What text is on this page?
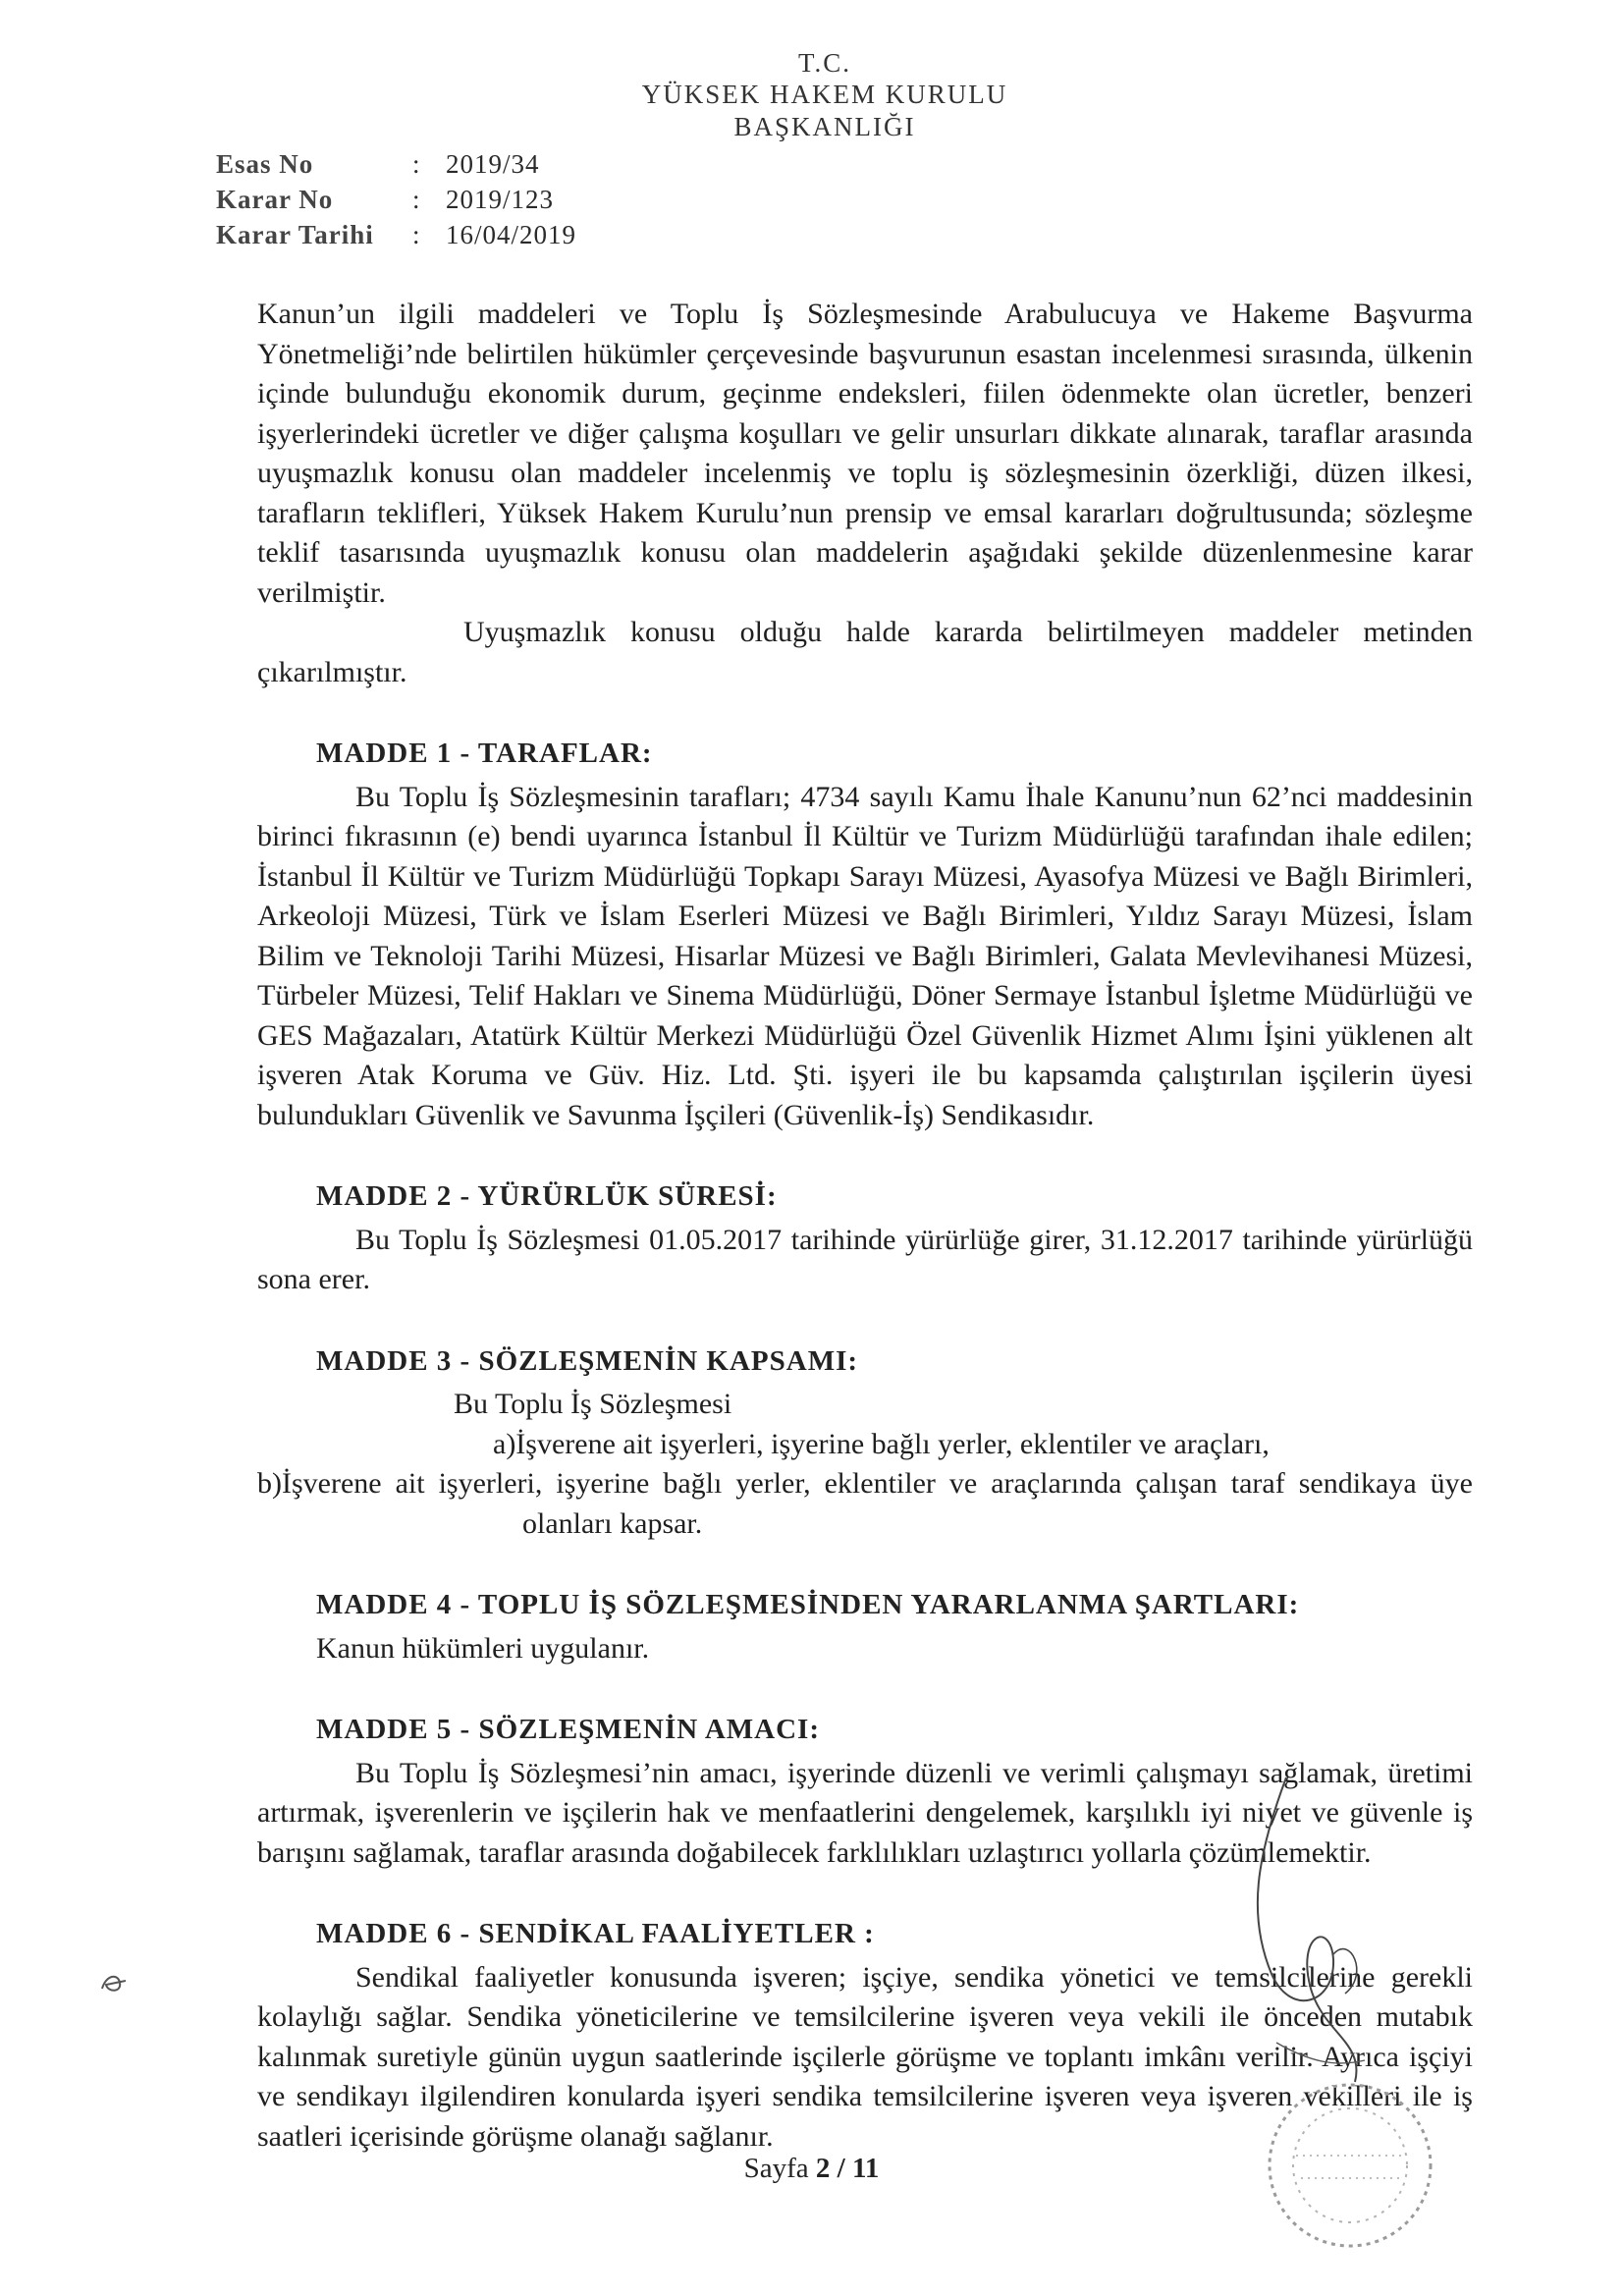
T.C.
YÜKSEK HAKEM KURULU
BAŞKANLIĞI
Esas No	: 2019/34
Karar No	: 2019/123
Karar Tarihi	: 16/04/2019

Kanun’un ilgili maddeleri ve Toplu İş Sözleşmesinde Arabulucuya ve Hakeme Başvurma Yönetmeliği’nde belirtilen hükümler çerçevesinde başvurunun esastan incelenmesi sırasında, ülkenin içinde bulunduğu ekonomik durum, geçinme endeksleri, fiilen ödenmekte olan ücretler, benzeri işyerlerindeki ücretler ve diğer çalışma koşulları ve gelir unsurları dikkate alınarak, taraflar arasında uyuşmazlık konusu olan maddeler incelenmiş ve toplu iş sözleşmesinin özerkliği, düzen ilkesi, tarafların teklifleri, Yüksek Hakem Kurulu’nun prensip ve emsal kararları doğrultusunda; sözleşme teklif tasarısında uyuşmazlık konusu olan maddelerin aşağıdaki şekilde düzenlenmesine karar verilmiştir.

Uyuşmazlık konusu olduğu halde kararda belirtilmeyen maddeler metinden çıkarılmıştır.

MADDE 1 - TARAFLAR:

Bu Toplu İş Sözleşmesinin tarafları; 4734 sayılı Kamu İhale Kanunu’nun 62’nci maddesinin birinci fıkrasının (e) bendi uyarınca İstanbul İl Kültür ve Turizm Müdürlüğü tarafından ihale edilen; İstanbul İl Kültür ve Turizm Müdürlüğü Topkapı Sarayı Müzesi, Ayasofya Müzesi ve Bağlı Birimleri, Arkeoloji Müzesi, Türk ve İslam Eserleri Müzesi ve Bağlı Birimleri, Yıldız Sarayı Müzesi, İslam Bilim ve Teknoloji Tarihi Müzesi, Hisarlar Müzesi ve Bağlı Birimleri, Galata Mevlevihanesi Müzesi, Türbeler Müzesi, Telif Hakları ve Sinema Müdürlüğü, Döner Sermaye İstanbul İşletme Müdürlüğü ve GES Mağazaları, Atatürk Kültür Merkezi Müdürlüğü Özel Güvenlik Hizmet Alımı İşini yüklenen alt işveren Atak Koruma ve Güv. Hiz. Ltd. Şti. işyeri ile bu kapsamda çalıştırılan işçilerin üyesi bulundukları Güvenlik ve Savunma İşçileri (Güvenlik-İş) Sendikasıdır.

MADDE 2 - YÜRÜRLÜK SÜRESİ:

Bu Toplu İş Sözleşmesi 01.05.2017 tarihinde yürürlüğe girer, 31.12.2017 tarihinde yürürlüğü sona erer.

MADDE 3 - SÖZLEŞMENİN KAPSAMI:

Bu Toplu İş Sözleşmesi

a)İşverene ait işyerleri, işyerine bağlı yerler, eklentiler ve araçları,

b)İşverene ait işyerleri, işyerine bağlı yerler, eklentiler ve araçlarında çalışan taraf sendikaya üye olanları kapsar.

MADDE 4 - TOPLU İŞ SÖZLEŞMESİNDEN YARARLANMA ŞARTLARI:

Kanun hükümleri uygulanır.

MADDE 5 - SÖZLEŞMENİN AMACI:

Bu Toplu İş Sözleşmesi’nin amacı, işyerinde düzenli ve verimli çalışmayı sağlamak, üretimi artırmak, işverenlerin ve işçilerin hak ve menfaatlerini dengelemek, karşılıklı iyi niyet ve güvenle iş barışını sağlamak, taraflar arasında doğabilecek farklılıkları uzlaştırıcı yollarla çözümlemektir.

MADDE 6 - SENDİKAL FAALİYETLER :

Sendikal faaliyetler konusunda işveren; işçiye, sendika yönetici ve temsilcilerine gerekli kolaylığı sağlar. Sendika yöneticilerine ve temsilcilerine işveren veya vekili ile önceden mutabık kalınmak suretiyle günün uygun saatlerinde işçilerle görüşme ve toplantı imkânı verilir. Ayrıca işçiyi ve sendikayı ilgilendiren konularda işyeri sendika temsilcilerine işveren veya işveren vekilleri ile iş saatleri içerisinde görüşme olanağı sağlanır.

Sayfa 2 / 11
